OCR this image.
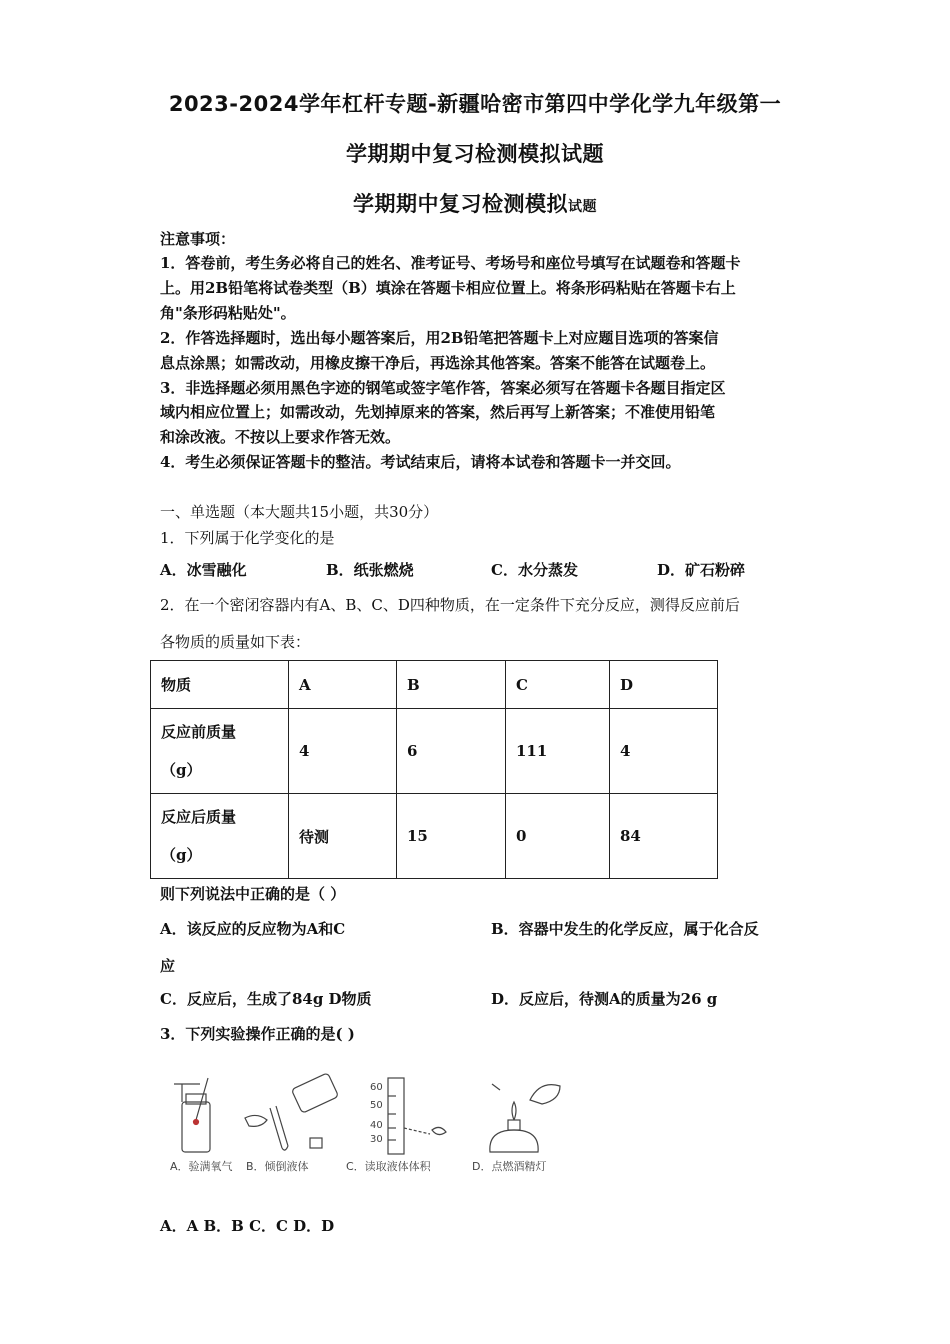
2023-2024学年杠杆专题-新疆哈密市第四中学化学九年级第一
学期期中复习检测模拟试题
学期期中复习检测模拟试题
注意事项：
1．答卷前，考生务必将自己的姓名、准考证号、考场号和座位号填写在试题卷和答题卡
上。用2B铅笔将试卷类型（B）填涂在答题卡相应位置上。将条形码粘贴在答题卡右上
角"条形码粘贴处"。
2．作答选择题时，选出每小题答案后，用2B铅笔把答题卡上对应题目选项的答案信
息点涂黑；如需改动，用橡皮擦干净后，再选涂其他答案。答案不能答在试题卷上。
3．非选择题必须用黑色字迹的钢笔或签字笔作答，答案必须写在答题卡各题目指定区
域内相应位置上；如需改动，先划掉原来的答案，然后再写上新答案；不准使用铅笔
和涂改液。不按以上要求作答无效。
4．考生必须保证答题卡的整洁。考试结束后，请将本试卷和答题卡一并交回。
一、单选题（本大题共15小题，共30分）
1．下列属于化学变化的是
A．冰雪融化	B．纸张燃烧	C．水分蒸发	D．矿石粉碎
2．在一个密闭容器内有A、B、C、D四种物质，在一定条件下充分反应，测得反应前后
各物质的质量如下表：
物质	A	B	C	D

反应前质量
（g）	4	6	111	4

反应后质量
（g）	待测	15	0	84
则下列说法中正确的是（ ）
A．该反应的反应物为A和C	B．容器中发生的化学反应，属于化合反
应
C．反应后，生成了84g D物质	D．反应后，待测A的质量为26 g
3．下列实验操作正确的是( )
60
50
40
30
A．验满氧气 B．倾倒液体	C．读取液体体积	D．点燃酒精灯
A．A B．B C．C D．D
